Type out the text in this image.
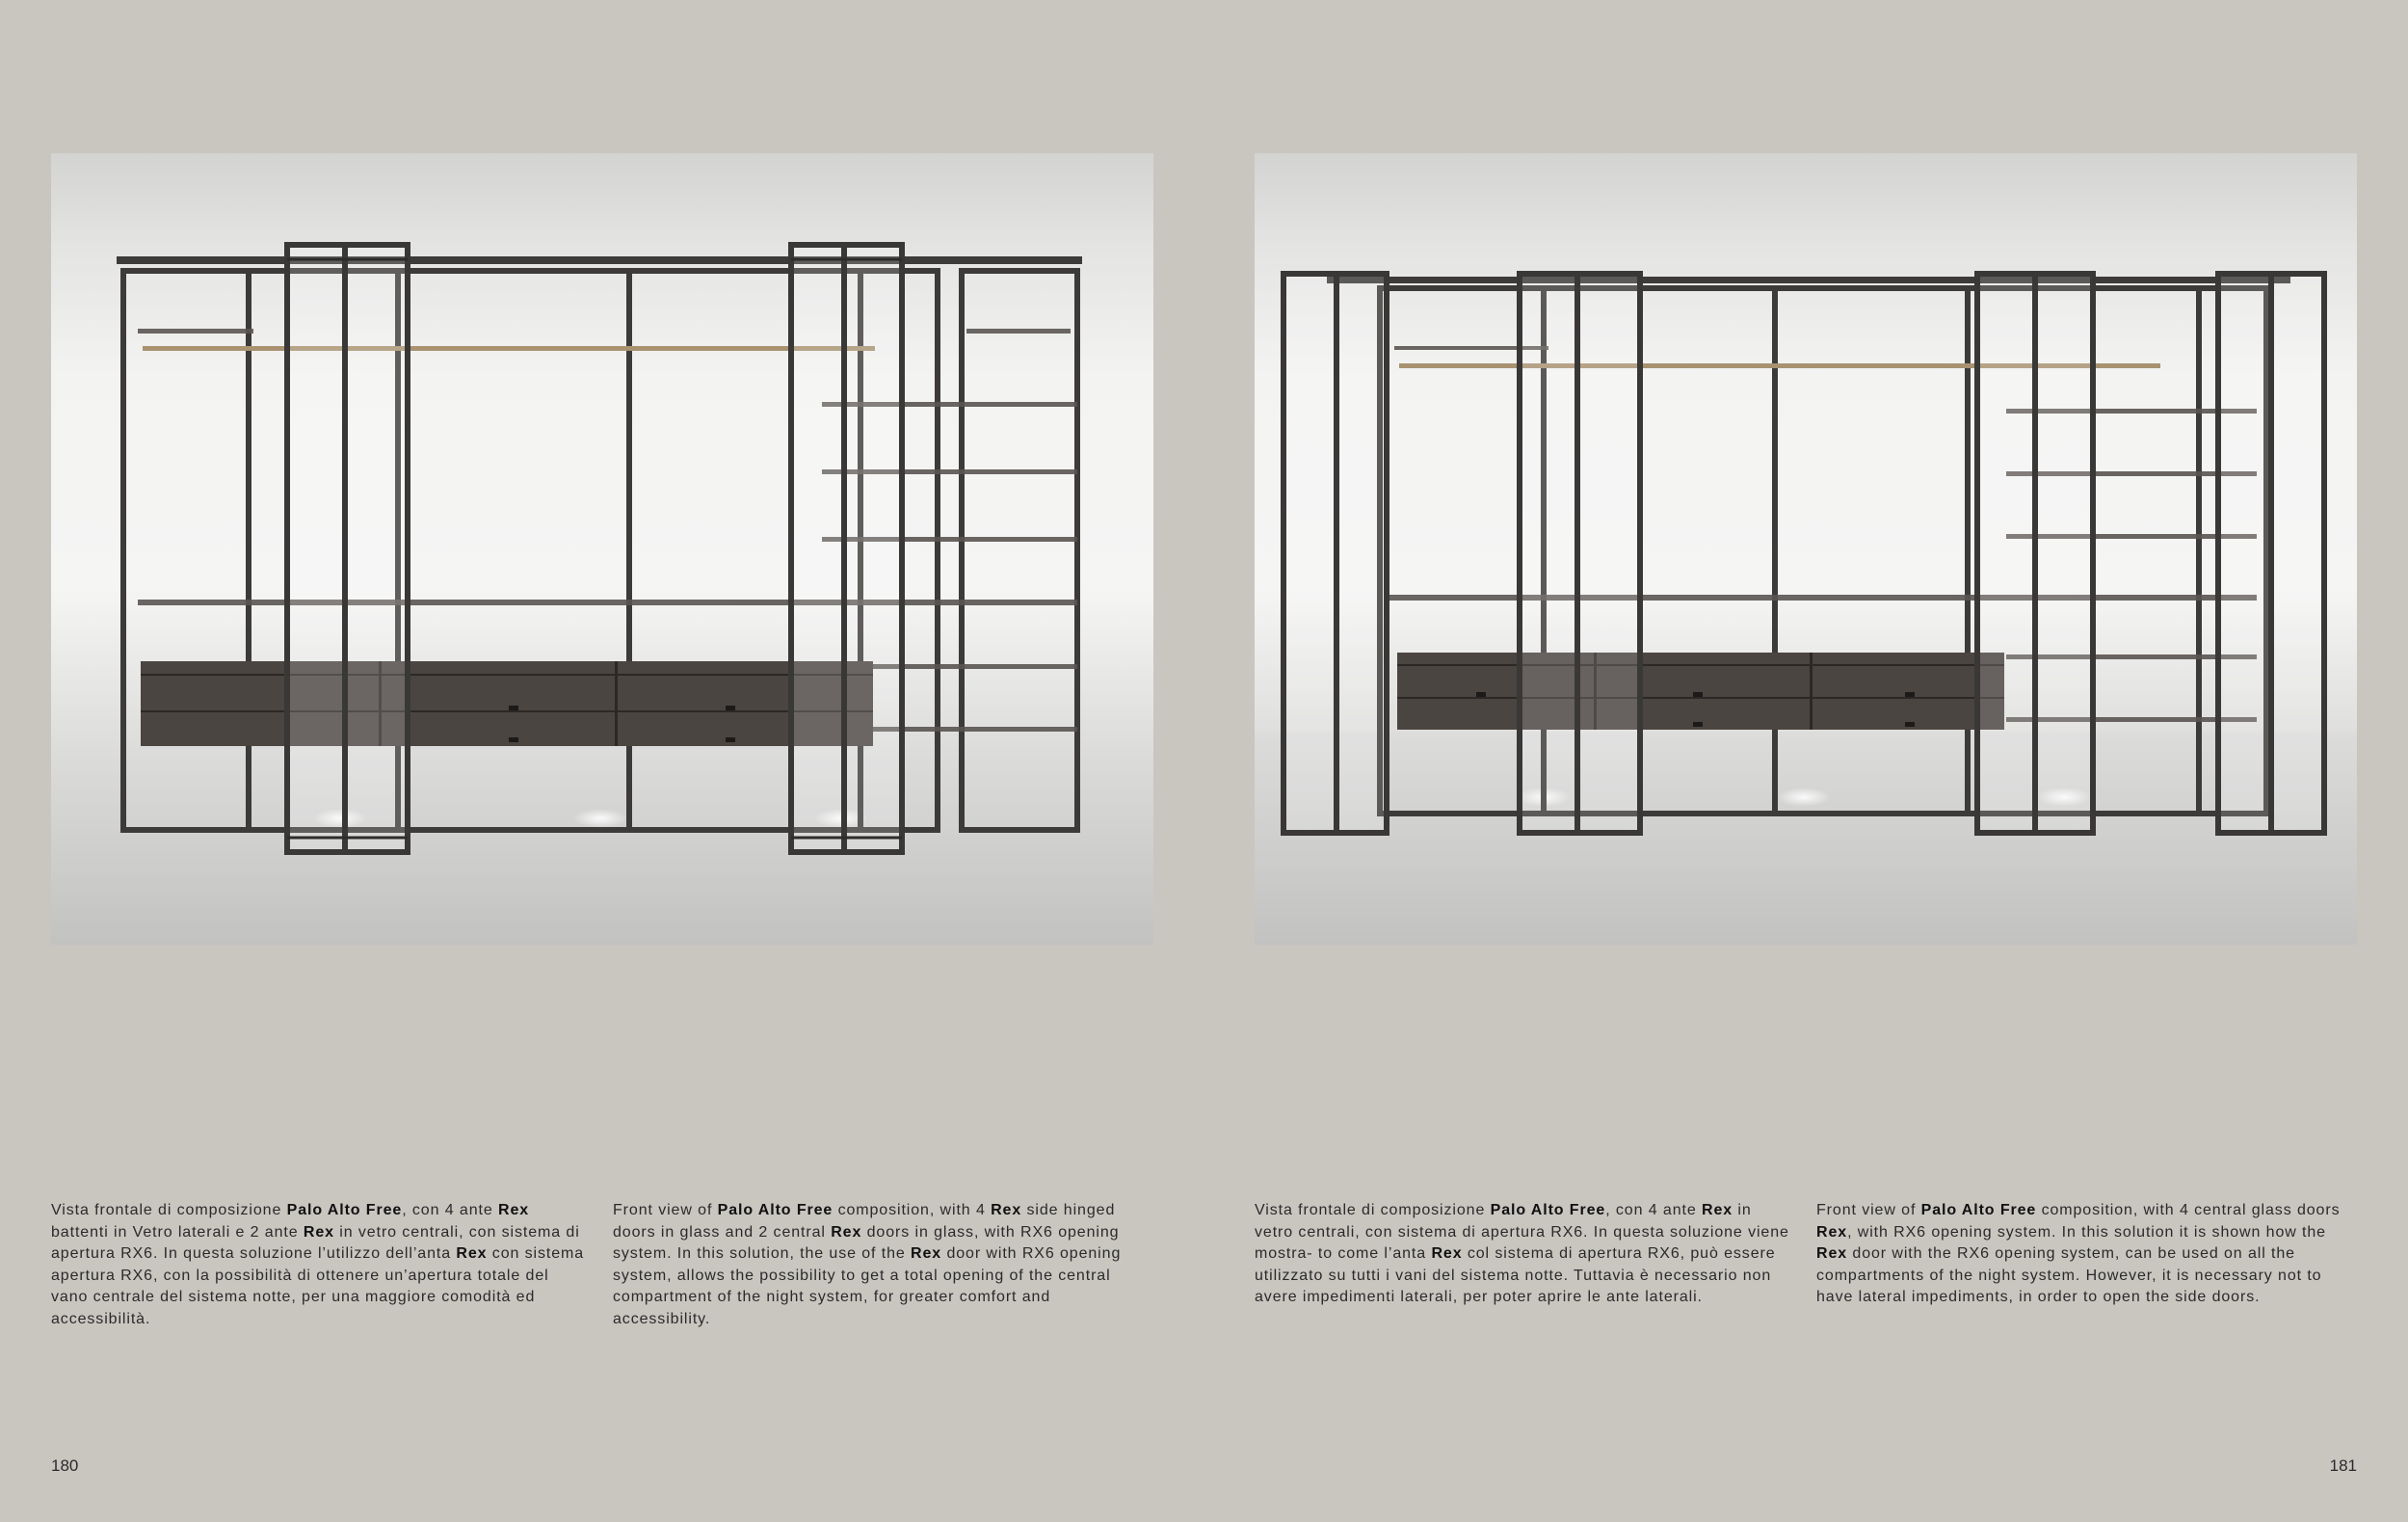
Vista frontale di composizione Palo Alto Free, con 4 ante Rex battenti in Vetro laterali e 2 ante Rex in vetro centrali, con sistema di apertura RX6. In questa soluzione l’utilizzo dell’anta Rex con sistema apertura RX6, con la possibilità di ottenere un’apertura totale del vano centrale del sistema notte, per una maggiore comodità ed accessibilità.
Front view of Palo Alto Free composition, with 4 Rex side hinged doors in glass and 2 central Rex doors in glass, with RX6 opening system. In this solution, the use of the Rex door with RX6 opening system, allows the possibility to get a total opening of the central compartment of the night system, for greater comfort and accessibility.
180
Vista frontale di composizione Palo Alto Free, con 4 ante Rex in vetro centrali, con sistema di apertura RX6. In questa soluzione viene mostra- to come l’anta Rex col sistema di apertura RX6, può essere utilizzato su tutti i vani del sistema notte. Tuttavia è necessario non avere impedimenti laterali, per poter aprire le ante laterali.
Front view of Palo Alto Free composition, with 4 central glass doors Rex, with RX6 opening system. In this solution it is shown how the Rex door with the RX6 opening system, can be used on all the compartments of the night system. However, it is necessary not to have lateral impediments, in order to open the side doors.
181
